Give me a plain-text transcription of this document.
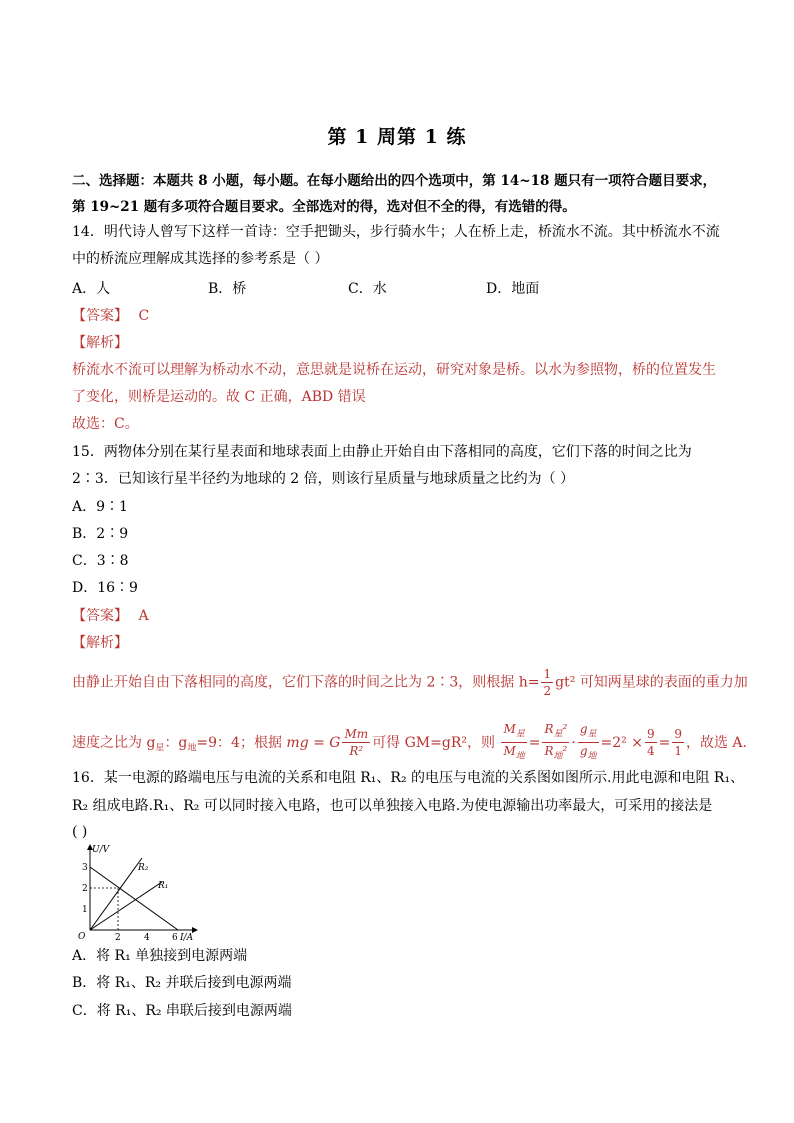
第 1 周第 1 练
二、选择题：本题共 8 小题，每小题。在每小题给出的四个选项中，第 14~18 题只有一项符合题目要求，
第 19~21 题有多项符合题目要求。全部选对的得，选对但不全的得，有选错的得。
14．明代诗人曾写下这样一首诗：空手把锄头，步行骑水牛；人在桥上走，桥流水不流。其中桥流水不流
中的桥流应理解成其选择的参考系是（ ）
A．人	B．桥	C．水	D．地面
【答案】 C
【解析】
桥流水不流可以理解为桥动水不动，意思就是说桥在运动，研究对象是桥。以水为参照物，桥的位置发生
了变化，则桥是运动的。故 C 正确，ABD 错误
故选：C。
15．两物体分别在某行星表面和地球表面上由静止开始自由下落相同的高度，它们下落的时间之比为
2∶3．已知该行星半径约为地球的 2 倍，则该行星质量与地球质量之比约为（ ）
A．9∶1
B．2∶9
C．3∶8
D．16∶9
【答案】 A
【解析】
由静止开始自由下落相同的高度，它们下落的时间之比为 2∶3，则根据 $h= \frac{1}{2} gt^2$ 可知两星球的表面的重力加
速度之比为 $g_星$：$g_地=9$：4；根据 mg = G $\frac{Mm}{\text{R²}}$ 可得 GM=gR²，则 $\frac{M_星}{M_地} = \frac{R_星^2}{R_地^2} \cdot \frac{g_星}{g_地} =2^2 \times \frac{9}{4} = \frac{9}{1}$ ，故选 A.
16．某一电源的路端电压与电流的关系和电阻 R₁、R₂ 的电压与电流的关系图如图所示.用此电源和电阻 R₁、
R₂ 组成电路.R₁、R₂ 可以同时接入电路，也可以单独接入电路.为使电源输出功率最大，可采用的接法是
( )
U/V
I/A
O
1
2
3
2	4 6
R₂
R₁
A．将 R₁ 单独接到电源两端
B．将 R₁、R₂ 并联后接到电源两端
C．将 R₁、R₂ 串联后接到电源两端
